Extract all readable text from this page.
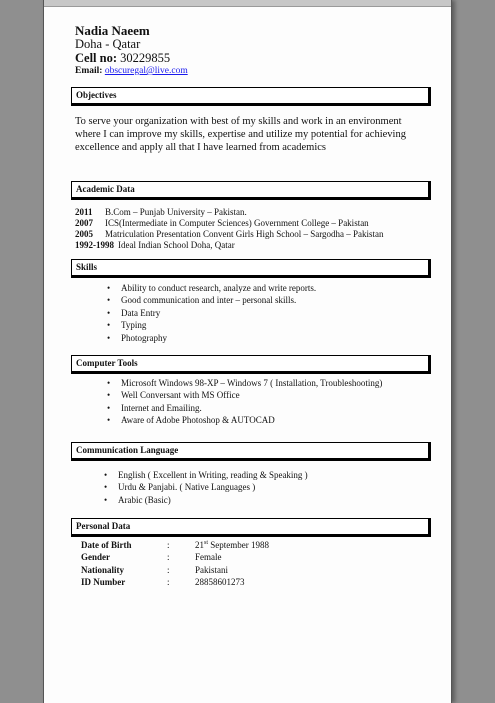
Nadia Naeem
Doha - Qatar
Cell no: 30229855
Email: obscuregal@live.com
Objectives
To serve your organization with best of my skills and work in an environment where I can improve my skills, expertise and utilize my potential for achieving excellence and apply all that I have learned from academics
Academic Data
2011 B.Com – Punjab University – Pakistan.
2007 ICS(Intermediate in Computer Sciences) Government College – Pakistan
2005 Matriculation Presentation Convent Girls High School – Sargodha – Pakistan
1992-1998 Ideal Indian School Doha, Qatar
Skills
• Ability to conduct research, analyze and write reports.
• Good communication and inter – personal skills.
• Data Entry
• Typing
• Photography
Computer Tools
• Microsoft Windows 98-XP – Windows 7 ( Installation, Troubleshooting)
• Well Conversant with MS Office
• Internet and Emailing.
• Aware of Adobe Photoshop & AUTOCAD
Communication Language
• English ( Excellent in Writing, reading & Speaking )
• Urdu & Panjabi. ( Native Languages )
• Arabic (Basic)
Personal Data
Date of Birth	:	21st September 1988
Gender	:	Female
Nationality	:	Pakistani
ID Number	:	28858601273
